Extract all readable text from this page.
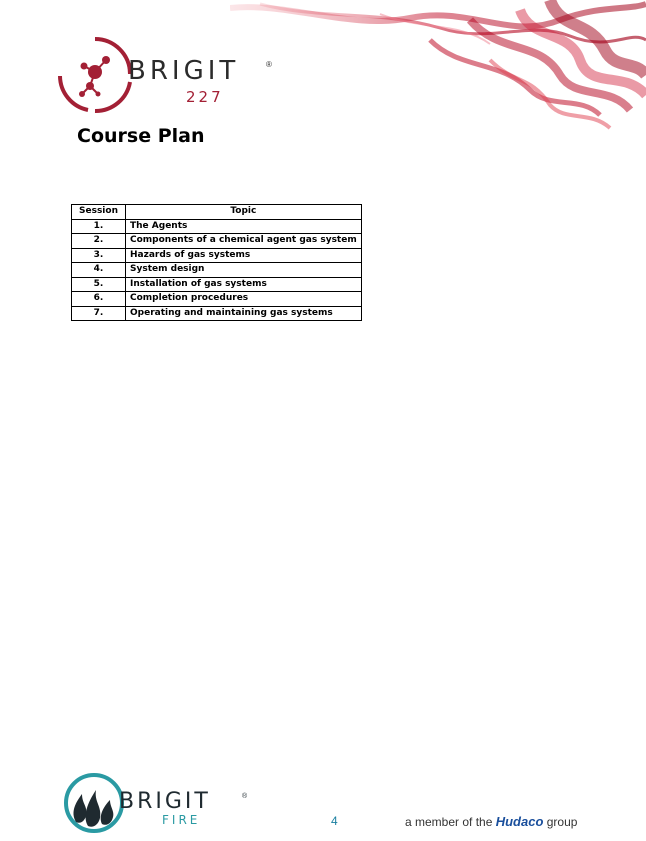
BRIGIT	®
227
Course Plan
Session	Topic
1.	The Agents
2.	Components of a chemical agent gas system
3.	Hazards of gas systems
4.	System design
5.	Installation of gas systems
6.	Completion procedures
7.	Operating and maintaining gas systems
BRIGIT	®
FIRE	4	a member of the Hudaco group
